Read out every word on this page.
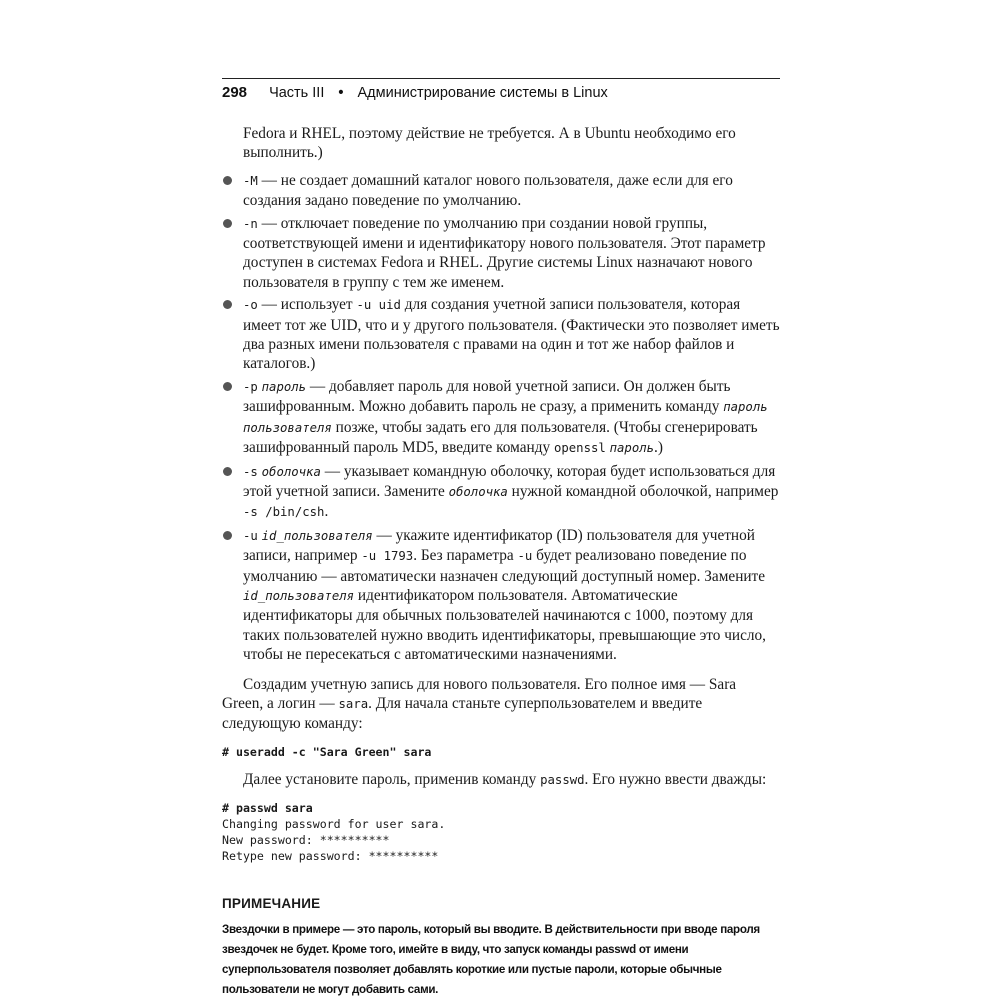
298 Часть III • Администрирование системы в Linux

Fedora и RHEL, поэтому действие не требуется. А в Ubuntu необходимо его выполнить.)

-M — не создает домашний каталог нового пользователя, даже если для его создания задано поведение по умолчанию.
-n — отключает поведение по умолчанию при создании новой группы, соответствующей имени и идентификатору нового пользователя. Этот параметр доступен в системах Fedora и RHEL. Другие системы Linux назначают нового пользователя в группу с тем же именем.
-o — использует -u uid для создания учетной записи пользователя, которая имеет тот же UID, что и у другого пользователя. (Фактически это позволяет иметь два разных имени пользователя с правами на один и тот же набор файлов и каталогов.)
-p пароль — добавляет пароль для новой учетной записи. Он должен быть зашифрованным. Можно добавить пароль не сразу, а применить команду пароль пользователя позже, чтобы задать его для пользователя. (Чтобы сгенерировать зашифрованный пароль MD5, введите команду openssl пароль.)
-s оболочка — указывает командную оболочку, которая будет использоваться для этой учетной записи. Замените оболочка нужной командной оболочкой, например -s /bin/csh.
-u id_пользователя — укажите идентификатор (ID) пользователя для учетной записи, например -u 1793. Без параметра -u будет реализовано поведение по умолчанию — автоматически назначен следующий доступный номер. Замените id_пользователя идентификатором пользователя. Автоматические идентификаторы для обычных пользователей начинаются с 1000, поэтому для таких пользователей нужно вводить идентификаторы, превышающие это число, чтобы не пересекаться с автоматическими назначениями.

Создадим учетную запись для нового пользователя. Его полное имя — Sara Green, а логин — sara. Для начала станьте суперпользователем и введите следующую команду:

# useradd -c "Sara Green" sara

Далее установите пароль, применив команду passwd. Его нужно ввести дважды:

# passwd sara
Changing password for user sara.
New password: **********
Retype new password: **********
ПРИМЕЧАНИЕ

Звездочки в примере — это пароль, который вы вводите. В действительности при вводе пароля звездочек не будет. Кроме того, имейте в виду, что запуск команды passwd от имени суперпользователя позволяет добавлять короткие или пустые пароли, которые обычные пользователи не могут добавить сами.
